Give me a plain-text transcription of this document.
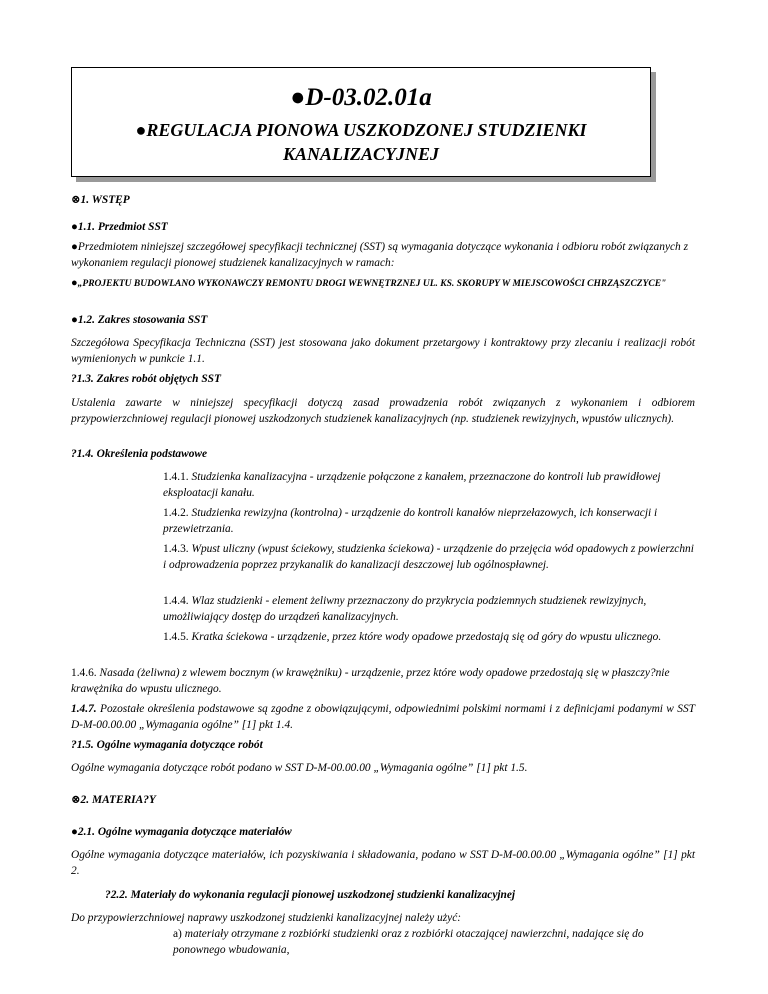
●D-03.02.01a
●REGULACJA PIONOWA USZKODZONEJ STUDZIENKI KANALIZACYJNEJ
⊗1. WSTĘP
●1.1. Przedmiot SST
●Przedmiotem niniejszej szczegółowej specyfikacji technicznej (SST) są wymagania dotyczące wykonania i odbioru robót związanych z wykonaniem regulacji pionowej studzienek kanalizacyjnych w ramach:
●„PROJEKTU BUDOWLANO WYKONAWCZY REMONTU DROGI WEWNĘTRZNEJ UL. KS. SKORUPY W MIEJSCOWOŚCI CHRZĄSZCZYCE"
●1.2. Zakres stosowania SST
Szczegółowa Specyfikacja Techniczna (SST) jest stosowana jako dokument przetargowy i kontraktowy przy zlecaniu i realizacji robót wymienionych w punkcie 1.1.
?1.3. Zakres robót objętych SST
Ustalenia zawarte w niniejszej specyfikacji dotyczą zasad prowadzenia robót związanych z wykonaniem i odbiorem przypowierzchniowej regulacji pionowej uszkodzonych studzienek kanalizacyjnych (np. studzienek rewizyjnych, wpustów ulicznych).
?1.4. Określenia podstawowe
1.4.1. Studzienka kanalizacyjna - urządzenie połączone z kanałem, przeznaczone do kontroli lub prawidłowej eksploatacji kanału.
1.4.2. Studzienka rewizyjna (kontrolna) - urządzenie do kontroli kanałów nieprzełazowych, ich konserwacji i przewietrzania.
1.4.3. Wpust uliczny (wpust ściekowy, studzienka ściekowa) - urządzenie do przejęcia wód opadowych z powierzchni i odprowadzenia poprzez przykanalik do kanalizacji deszczowej lub ogólnospławnej.
1.4.4. Wlaz studzienki - element żeliwny przeznaczony do przykrycia podziemnych studzienek rewizyjnych, umożliwiający dostęp do urządzeń kanalizacyjnych.
1.4.5. Kratka ściekowa - urządzenie, przez które wody opadowe przedostają się od góry do wpustu ulicznego.
1.4.6. Nasada (żeliwna) z wlewem bocznym (w krawężniku) - urządzenie, przez które wody opadowe przedostają się w płaszczy?nie krawężnika do wpustu ulicznego.
1.4.7. Pozostałe określenia podstawowe są zgodne z obowiązującymi, odpowiednimi polskimi normami i z definicjami podanymi w SST D-M-00.00.00 „Wymagania ogólne” [1] pkt 1.4.
?1.5. Ogólne wymagania dotyczące robót
Ogólne wymagania dotyczące robót podano w SST D-M-00.00.00 „Wymagania ogólne” [1] pkt 1.5.
⊗2. MATERIA?Y
●2.1. Ogólne wymagania dotyczące materiałów
Ogólne wymagania dotyczące materiałów, ich pozyskiwania i składowania, podano w SST D-M-00.00.00 „Wymagania ogólne” [1] pkt 2.
?2.2. Materiały do wykonania regulacji pionowej uszkodzonej studzienki kanalizacyjnej
Do przypowierzchniowej naprawy uszkodzonej studzienki kanalizacyjnej należy użyć:
a) materiały otrzymane z rozbiórki studzienki oraz z rozbiórki otaczającej nawierzchni, nadające się do ponownego wbudowania,
